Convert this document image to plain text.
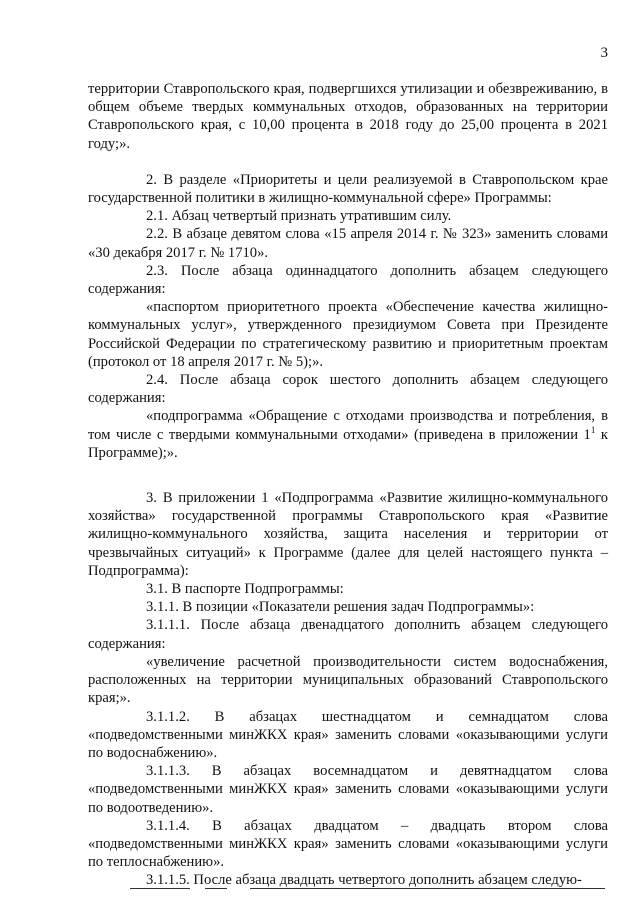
3

территории Ставропольского края, подвергшихся утилизации и обезвреживанию, в общем объеме твердых коммунальных отходов, образованных на территории Ставропольского края, с 10,00 процента в 2018 году до 25,00 процента в 2021 году;».

2. В разделе «Приоритеты и цели реализуемой в Ставропольском крае государственной политики в жилищно-коммунальной сфере» Программы:

2.1. Абзац четвертый признать утратившим силу.

2.2. В абзаце девятом слова «15 апреля 2014 г. № 323» заменить словами «30 декабря 2017 г. № 1710».

2.3. После абзаца одиннадцатого дополнить абзацем следующего содержания:

«паспортом приоритетного проекта «Обеспечение качества жилищно-коммунальных услуг», утвержденного президиумом Совета при Президенте Российской Федерации по стратегическому развитию и приоритетным проектам (протокол от 18 апреля 2017 г. № 5);».

2.4. После абзаца сорок шестого дополнить абзацем следующего содержания:

«подпрограмма «Обращение с отходами производства и потребления, в том числе с твердыми коммунальными отходами» (приведена в приложении $1^1$ к Программе);».

3. В приложении 1 «Подпрограмма «Развитие жилищно-коммунального хозяйства» государственной программы Ставропольского края «Развитие жилищно-коммунального хозяйства, защита населения и территории от чрезвычайных ситуаций» к Программе (далее для целей настоящего пункта – Подпрограмма):

3.1. В паспорте Подпрограммы:

3.1.1. В позиции «Показатели решения задач Подпрограммы»:

3.1.1.1. После абзаца двенадцатого дополнить абзацем следующего содержания:

«увеличение расчетной производительности систем водоснабжения, расположенных на территории муниципальных образований Ставропольского края;».

3.1.1.2. В абзацах шестнадцатом и семнадцатом слова «подведомственными минЖКХ края» заменить словами «оказывающими услуги по водоснабжению».

3.1.1.3. В абзацах восемнадцатом и девятнадцатом слова «подведомственными минЖКХ края» заменить словами «оказывающими услуги по водоотведению».

3.1.1.4. В абзацах двадцатом – двадцать втором слова «подведомственными минЖКХ края» заменить словами «оказывающими услуги по теплоснабжению».

3.1.1.5. После абзаца двадцать четвертого дополнить абзацем следую-
